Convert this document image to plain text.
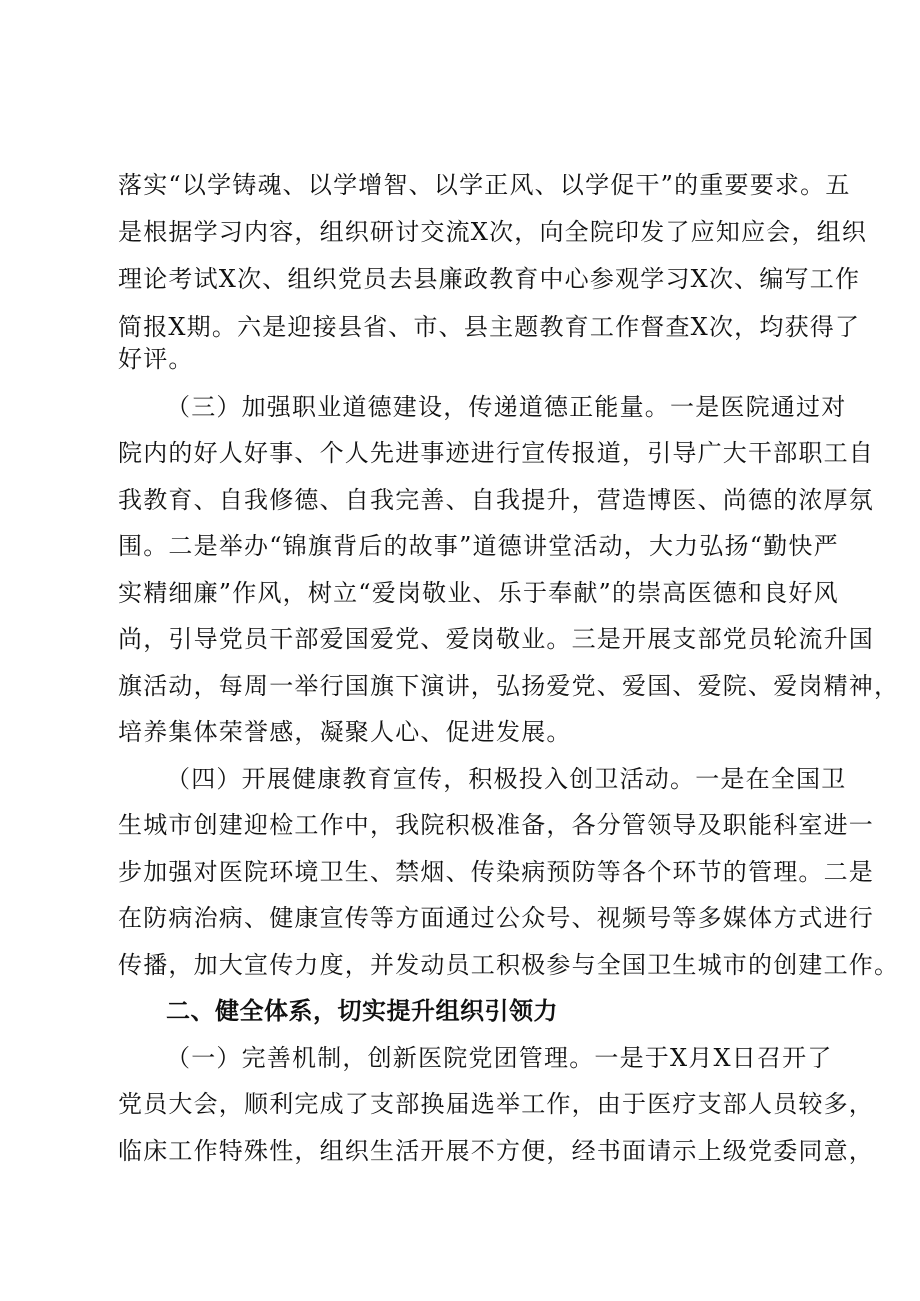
落实“以学铸魂、以学增智、以学正风、以学促干”的重要要求。五
是根据学习内容，组织研讨交流X次，向全院印发了应知应会，组织
理论考试X次、组织党员去县廉政教育中心参观学习X次、编写工作
简报X期。六是迎接县省、市、县主题教育工作督查X次，均获得了
好评。
（三）加强职业道德建设，传递道德正能量。一是医院通过对
院内的好人好事、个人先进事迹进行宣传报道，引导广大干部职工自
我教育、自我修德、自我完善、自我提升，营造博医、尚德的浓厚氛
围。二是举办“锦旗背后的故事”道德讲堂活动，大力弘扬“勤快严
实精细廉”作风，树立“爱岗敬业、乐于奉献”的崇高医德和良好风
尚，引导党员干部爱国爱党、爱岗敬业。三是开展支部党员轮流升国
旗活动，每周一举行国旗下演讲，弘扬爱党、爱国、爱院、爱岗精神，
培养集体荣誉感，凝聚人心、促进发展。
（四）开展健康教育宣传，积极投入创卫活动。一是在全国卫
生城市创建迎检工作中，我院积极准备，各分管领导及职能科室进一
步加强对医院环境卫生、禁烟、传染病预防等各个环节的管理。二是
在防病治病、健康宣传等方面通过公众号、视频号等多媒体方式进行
传播，加大宣传力度，并发动员工积极参与全国卫生城市的创建工作。
二、健全体系，切实提升组织引领力
（一）完善机制，创新医院党团管理。一是于X月X日召开了
党员大会，顺利完成了支部换届选举工作，由于医疗支部人员较多，
临床工作特殊性，组织生活开展不方便，经书面请示上级党委同意，
